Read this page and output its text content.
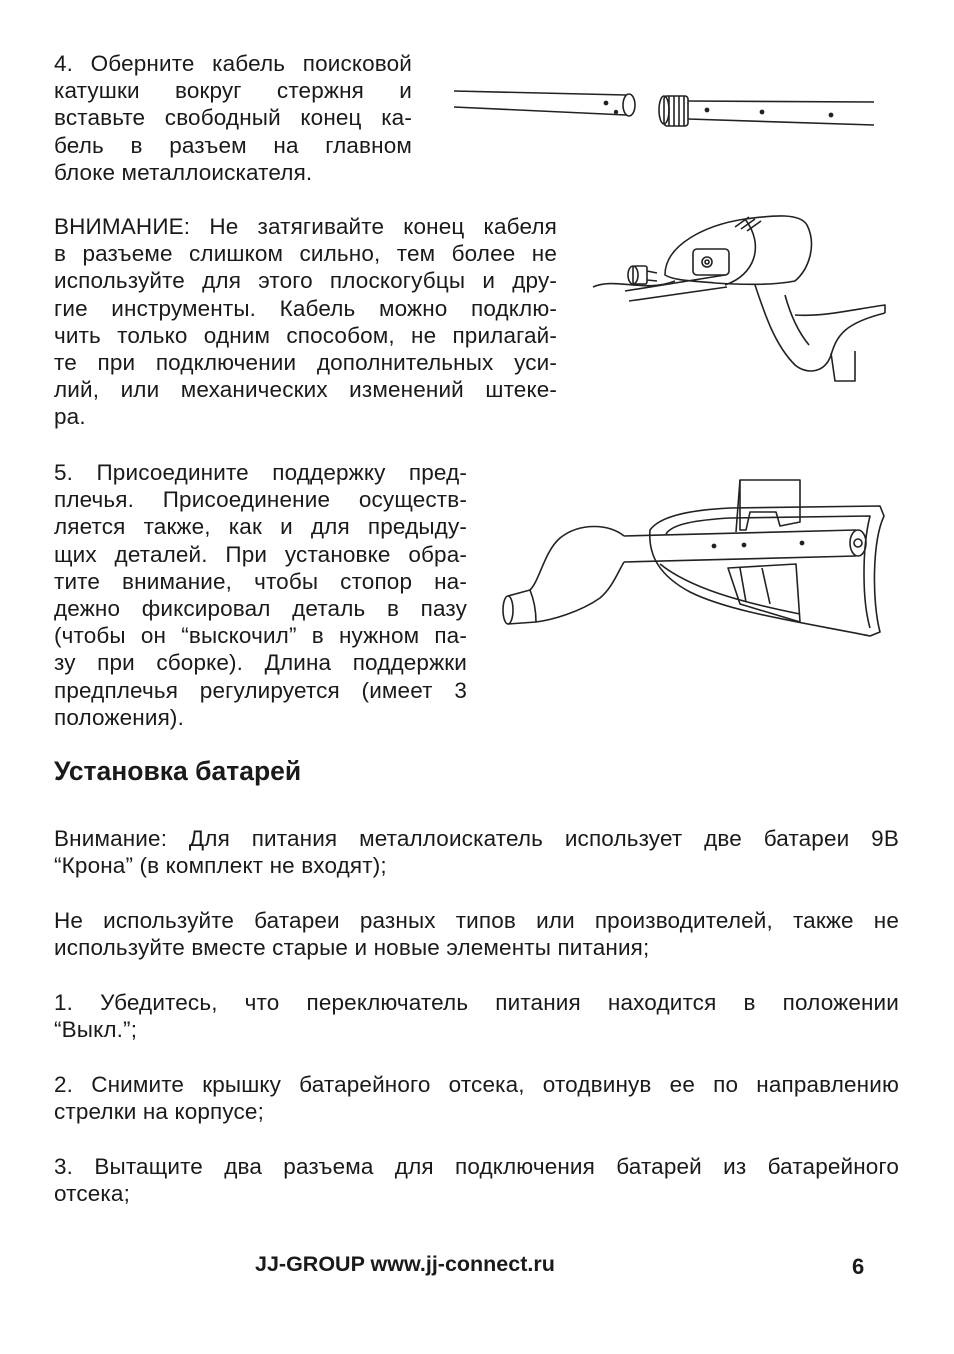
4. Оберните кабель поисковой
катушки вокруг стержня и
вставьте свободный конец ка-
бель в разъем на главном
блоке металлоискателя.
ВНИМАНИЕ: Не затягивайте конец кабеля
в разъеме слишком сильно, тем более не
используйте для этого плоскогубцы и дру-
гие инструменты. Кабель можно подклю-
чить только одним способом, не прилагай-
те при подключении дополнительных уси-
лий, или механических изменений штеке-
ра.
5. Присоедините поддержку пред-
плечья. Присоединение осуществ-
ляется также, как и для предыду-
щих деталей. При установке обра-
тите внимание, чтобы стопор на-
дежно фиксировал деталь в пазу
(чтобы он “выскочил” в нужном па-
зу при сборке). Длина поддержки
предплечья регулируется (имеет 3
положения).
Установка батарей
Внимание: Для питания металлоискатель использует две батареи 9В
“Крона” (в комплект не входят);
Не используйте батареи разных типов или производителей, также не
используйте вместе старые и новые элементы питания;
1. Убедитесь, что переключатель питания находится в положении
“Выкл.”;
2. Снимите крышку батарейного отсека, отодвинув ее по направлению
стрелки на корпусе;
3. Вытащите два разъема для подключения батарей из батарейного
отсека;
JJ-GROUP www.jj-connect.ru	6
